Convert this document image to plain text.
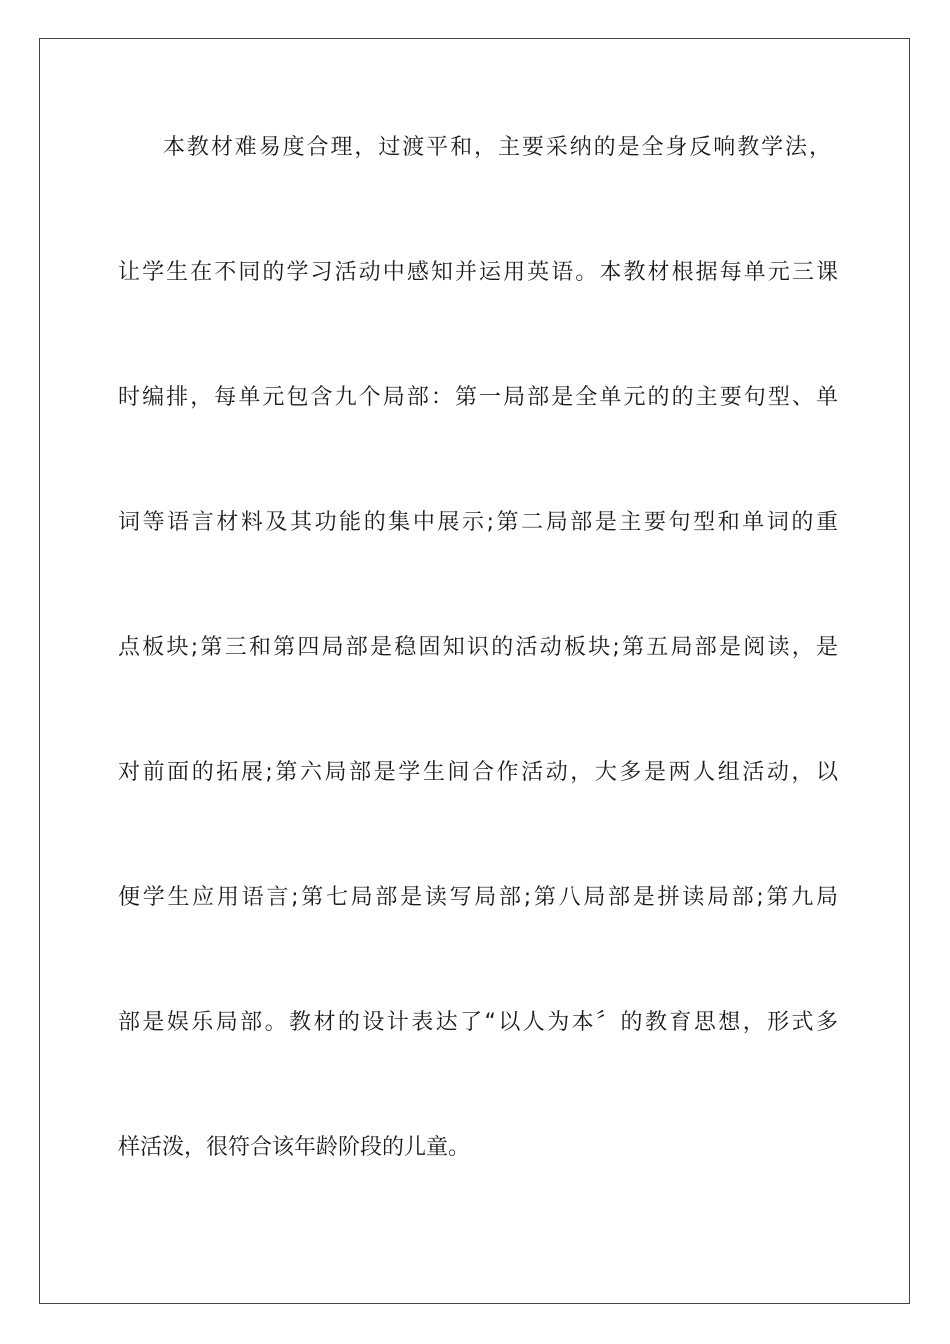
本教材难易度合理，过渡平和，主要采纳的是全身反响教学法，
让学生在不同的学习活动中感知并运用英语。本教材根据每单元三课
时编排，每单元包含九个局部：第一局部是全单元的的主要句型、单
词等语言材料及其功能的集中展示;第二局部是主要句型和单词的重
点板块;第三和第四局部是稳固知识的活动板块;第五局部是阅读，是
对前面的拓展;第六局部是学生间合作活动，大多是两人组活动，以
便学生应用语言;第七局部是读写局部;第八局部是拼读局部;第九局
部是娱乐局部。教材的设计表达了“以人为本〞的教育思想，形式多
样活泼，很符合该年龄阶段的儿童。
